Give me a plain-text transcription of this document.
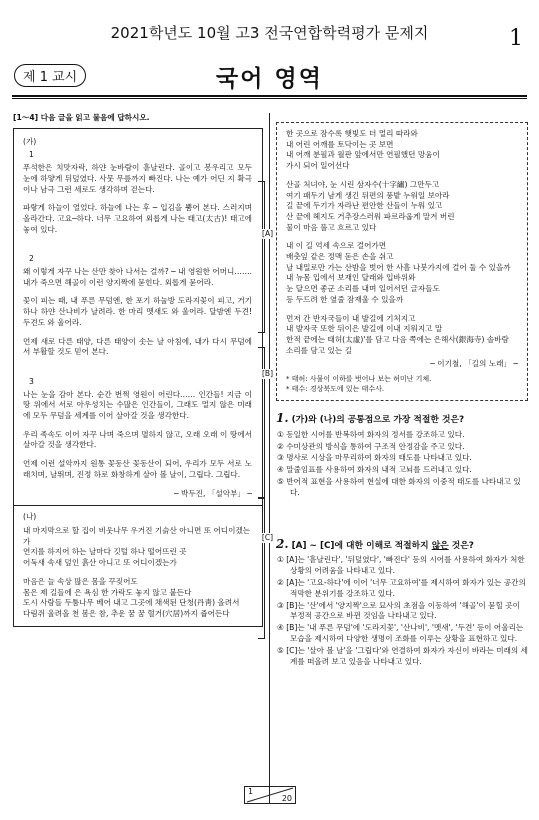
2021학년도 10월 고3 전국연합학력평가 문제지	1
제 1 교시	국어 영역
[1～4] 다음 글을 읽고 물음에 답하시오.
(가)
1

푸석한은 치맛자락, 하얀 눈바람이 흩날린다. 골이고 봉우리고 모두 눈에 하얗게 뒤덮였다. 사뭇 무릎까지 빠진다. 나는 예가 어딘 지 확극이나 남극 그런 세로도 생각하며 걷는다.

파랗게 하늘이 얼었다. 하늘에 나는 후 ─ 입김을 뿜어 본다. 스러지며 올라간다. 고요─하다. 너무 고요하여 외롭게 나는 태고(太古)! 태고에 놓여 있다.

2

왜 이렇게 자꾸 나는 산만 찾아 나서는 걸까? ─ 내 영원한 어머니……. 내가 죽으면 해골이 이런 양지짝에 묻힌다. 외롭게 묻어라.

꽃이 피는 때, 내 푸른 무덤엔, 한 포기 하눌방 도라지꽃이 피고, 거기 하나 하얀 산나비가 날려라. 한 마리 멧새도 와 울어라. 달밤엔 두견! 두견도 와 울어라.

언제 새로 다른 태양, 다른 태양이 솟는 날 아침에, 내가 다시 무덤에서 부활할 것도 믿어 본다.

3

나는 눈을 감아 본다. 순간 번쩍 영원이 어린다…… 인간들! 지금 이 땅 위에서 서로 아우성치는 수많은 인간들이, 그래도 멀지 않은 미래에 모두 무덤을 세계를 이어 살아갈 것을 생각한다.

우리 족속도 이어 자꾸 나며 죽으며 멸하지 않고, 오래 오래 이 땅에서 살아갈 것을 생각한다.

언제 이런 설악까지 원통 꽃동산 꽃동산이 되어, 우리가 모두 서로 노래치며, 날뛰며, 진정 하로 화창하게 살아 볼 날이, 그립다. 그립다.

─ 박두진, 「설악부」 ─
[A]
[B]
[C]
(나)
내 마지막으로 할 집이 비웃나무 우거진 기슭산 아니면 또 어디이겠는가
연지를 하지어 하는 날마다 깃털 하나 떨어뜨린 곳
어둑새 속새 덮인 흙산 아니고 또 어디이겠는가
마음은 늘 속상 많은 몸을 꾸짖어도
몸은 제 길들에 은 욕심 한 가락도 놓지 않고 붙든다
도시 사람들 두툼나무 베어 내고 그곳에 채색된 단청(丹靑) 올려서
다림쥐 울려올 천 봄은 참, 추운 꿈 꿈 혈거(穴居)까지 줍어든다
한 곳으로 잠수록 햇빛도 더 멀리 따라와
내 어린 어깨를 토닥이는 곳 보면
내 어깨 분필과 월판 앞에서만 연필했던 망움이
가시 되어 일어선다
산골 처녀야, 눈 시린 삼자수(十字繡) 그만두고
여기 패두기 남게 생긴 뒤편의 풍밭 누워일 보아라
길 끝에 두기가 자라난 편안한 산들이 누워 있고
산 끝에 헤지도 거추장스러워 파르라웁게 말겨 버린
물이 마음 풀고 흐르고 있다
내 이 길 억세 속으로 걸어가면
배춧잎 같은 정맥 돋은 손을 쉬고
날 내밀로만 가는 산밤을 벗어 한 사흘 나붓가지에 걸어 둘 수 있을까
내 뉴몸 입에서 보재인 달래와 입바위와
눈 달으면 좋군 소리를 내며 일어서던 글자들도
등 두드려 한 옆줄 잠재울 수 있을까
먼저 간 반자국들이 내 발길에 기처지고
내 발자국 또한 뒤이은 발길에 이내 지워지고 말
한적 끝에는 태허(太虛)'를 담고 다음 쪽에는 은해사(銀海寺) 솔바람 소리를 담고 있는 길
─ 이기철, 「길의 노래」 ─
* 태허: 사물이 이하를 벗어나 보는 허미난 기체.
* 태수: 경상북도에 있는 태수사.
1. (가)와 (나)의 공통점으로 가장 적절한 것은?
① 동일한 시어를 반복하여 화자의 정서를 강조하고 있다.
② 수미상관의 방식을 통하여 구조적 안정감을 주고 있다.
③ 명사로 시상을 마무리하여 화자의 태도를 나타내고 있다.
④ 말줄임표를 사용하여 화자의 내적 고뇌를 드러내고 있다.
⑤ 반어적 표현을 사용하여 현실에 대한 화자의 이중적 태도를 나타내고 있다.
2. [A] ~ [C]에 대한 이해로 적절하지 않은 것은?
① [A]는 '흩날린다', '뒤덮였다', '빠진다' 등의 시어를 사용하여 화자가 처한 상황의 어려움을 나타내고 있다.
② [A]는 '고요-하다'에 이어 '너무 고요하여'를 제시하여 화자가 있는 공간의 적막한 분위기를 강조하고 있다.
③ [B]는 '산'에서 '양지짝'으로 묘사의 초점을 이동하여 '해골'이 묻힐 곳이 부정적 공간으로 바뀐 것임을 나타내고 있다.
④ [B]는 '내 푸른 무덤'에 '도라지꽃', '산나비', '멧새', '두견' 등이 어울리는 모습을 제시하여 다양한 생명이 조화를 이루는 상황을 표현하고 있다.
⑤ [C]는 '살아 볼 날'을 '그립다'와 연결하여 화자가 자신이 바라는 미래의 세계를 떠올려 보고 있음을 나타내고 있다.
1
20
